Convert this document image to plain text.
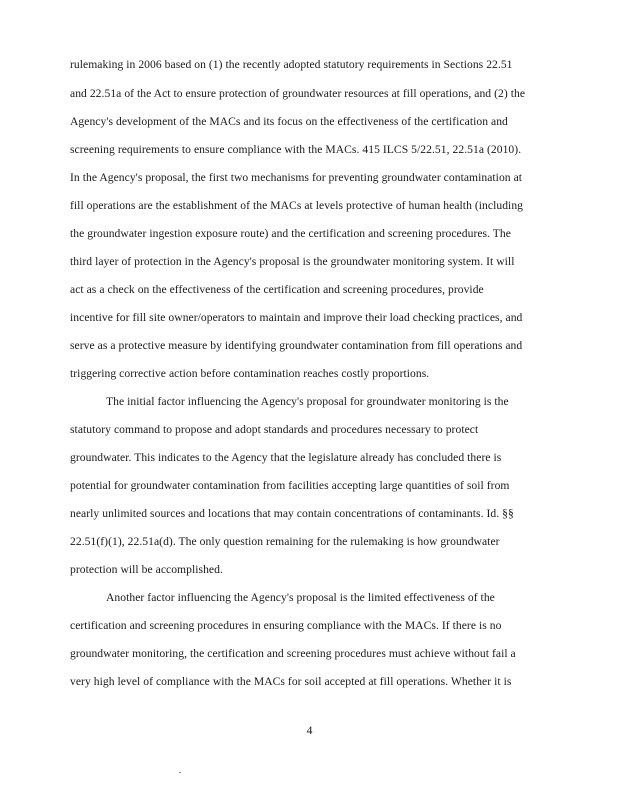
rulemaking in 2006 based on (1) the recently adopted statutory requirements in Sections 22.51
and 22.51a of the Act to ensure protection of groundwater resources at fill operations, and (2) the
Agency's development of the MACs and its focus on the effectiveness of the certification and
screening requirements to ensure compliance with the MACs. 415 ILCS 5/22.51, 22.51a (2010).
In the Agency's proposal, the first two mechanisms for preventing groundwater contamination at
fill operations are the establishment of the MACs at levels protective of human health (including
the groundwater ingestion exposure route) and the certification and screening procedures. The
third layer of protection in the Agency's proposal is the groundwater monitoring system. It will
act as a check on the effectiveness of the certification and screening procedures, provide
incentive for fill site owner/operators to maintain and improve their load checking practices, and
serve as a protective measure by identifying groundwater contamination from fill operations and
triggering corrective action before contamination reaches costly proportions.
The initial factor influencing the Agency's proposal for groundwater monitoring is the
statutory command to propose and adopt standards and procedures necessary to protect
groundwater. This indicates to the Agency that the legislature already has concluded there is
potential for groundwater contamination from facilities accepting large quantities of soil from
nearly unlimited sources and locations that may contain concentrations of contaminants. Id. §§
22.51(f)(1), 22.51a(d). The only question remaining for the rulemaking is how groundwater
protection will be accomplished.
Another factor influencing the Agency's proposal is the limited effectiveness of the
certification and screening procedures in ensuring compliance with the MACs. If there is no
groundwater monitoring, the certification and screening procedures must achieve without fail a
very high level of compliance with the MACs for soil accepted at fill operations. Whether it is
4
